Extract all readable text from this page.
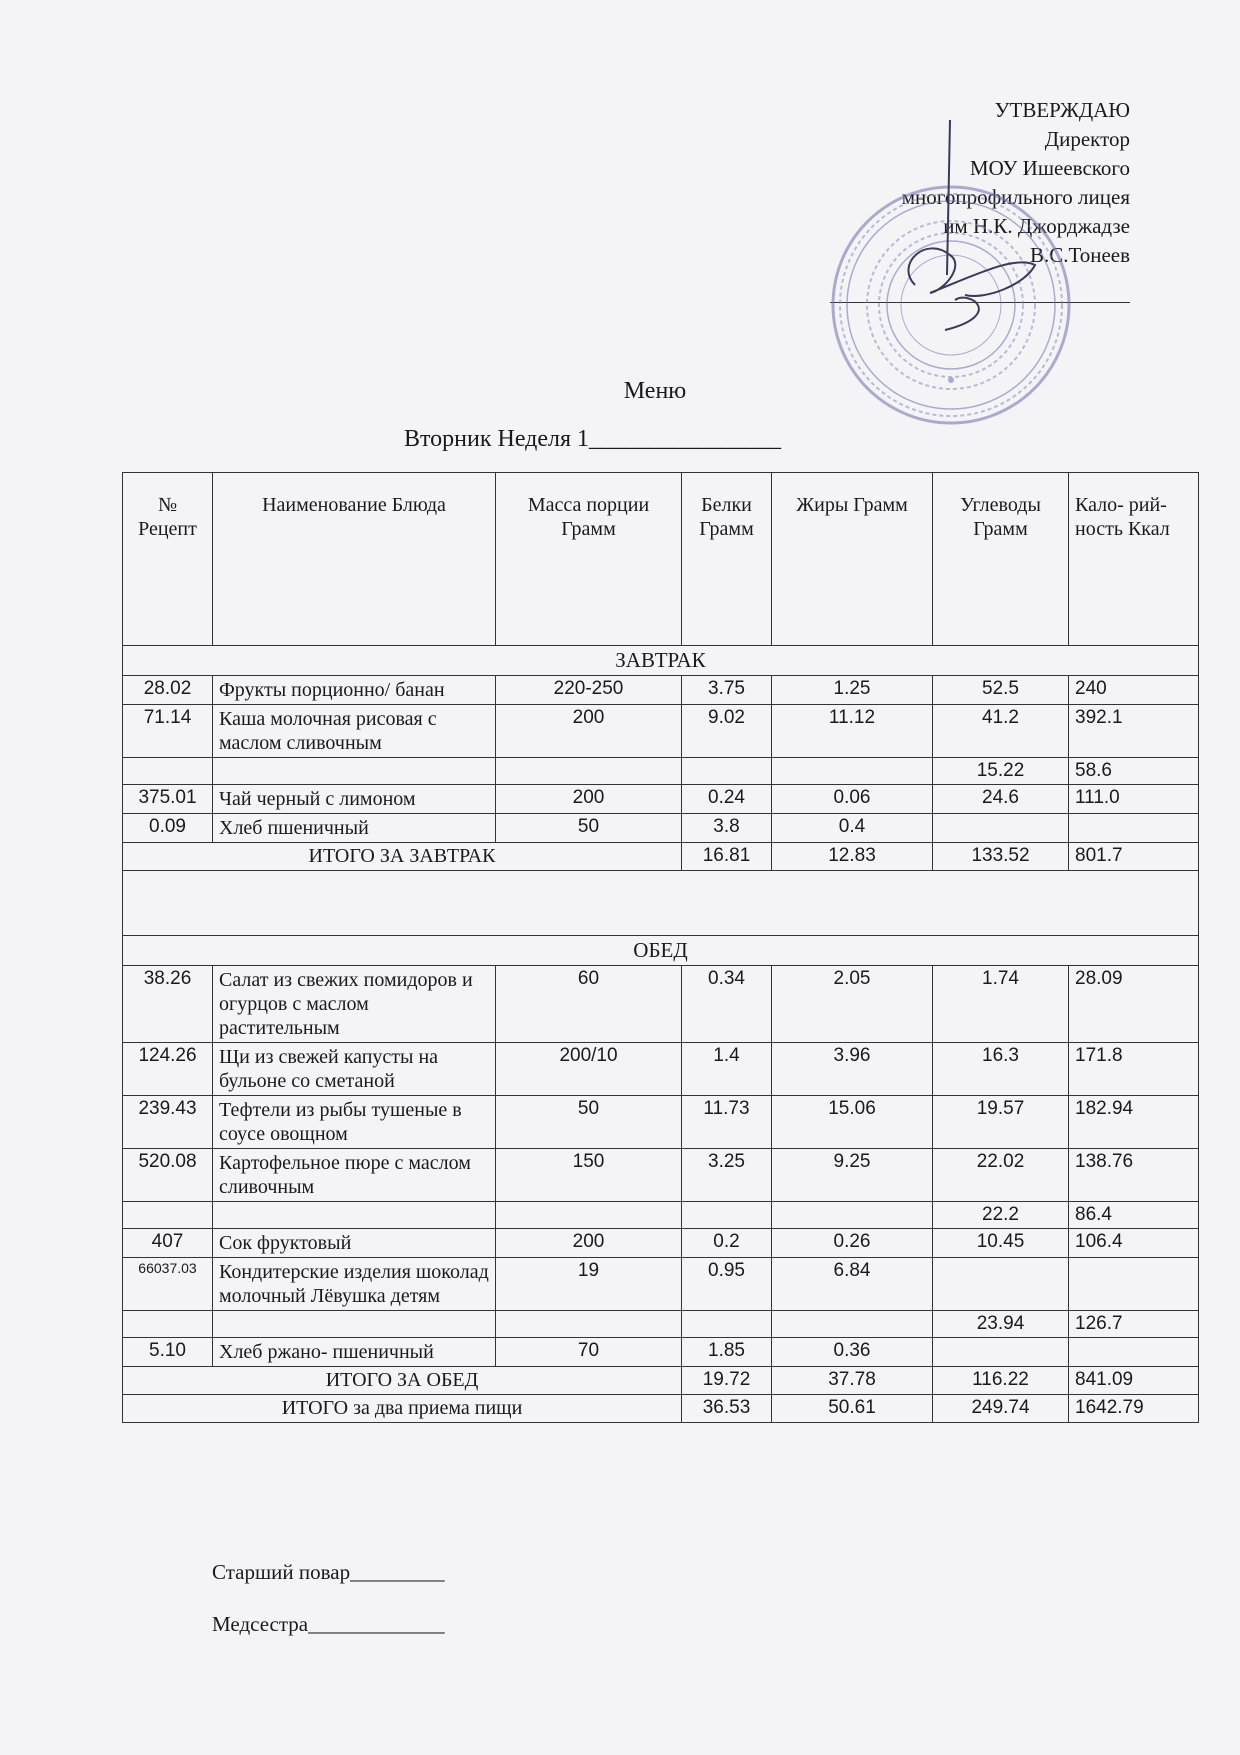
УТВЕРЖДАЮ
Директор
МОУ Ишеевского
многопрофильного лицея
им Н.К. Джорджадзе
В.С.Тонеев
Меню
Вторник Неделя 1________________
№ Рецепт	Наименование Блюда	Масса порции Грамм	Белки Грамм	Жиры Грамм	Углеводы Грамм	Кало- рий- ность Ккал
ЗАВТРАК						
28.02	Фрукты порционно/ банан	220-250	3.75	1.25	52.5	240
71.14	Каша молочная рисовая с маслом сливочным	200	9.02	11.12	41.2	392.1
					15.22	58.6
375.01	Чай черный с лимоном	200	0.24	0.06	24.6	111.0
0.09	Хлеб пшеничный	50	3.8	0.4		
ИТОГО ЗА ЗАВТРАК			16.81	12.83	133.52	801.7

ОБЕД						
38.26	Салат из свежих помидоров и огурцов с маслом растительным	60	0.34	2.05	1.74	28.09
124.26	Щи из свежей капусты на бульоне со сметаной	200/10	1.4	3.96	16.3	171.8
239.43	Тефтели из рыбы тушеные в соусе овощном	50	11.73	15.06	19.57	182.94
520.08	Картофельное пюре с маслом сливочным	150	3.25	9.25	22.02	138.76
					22.2	86.4
407	Сок фруктовый	200	0.2	0.26	10.45	106.4
66037.03	Кондитерские изделия шоколад молочный Лёвушка детям	19	0.95	6.84		
					23.94	126.7
5.10	Хлеб ржано- пшеничный	70	1.85	0.36		
ИТОГО ЗА ОБЕД			19.72	37.78	116.22	841.09
ИТОГО за два приема пищи			36.53	50.61	249.74	1642.79
Старший повар_________
Медсестра_____________
